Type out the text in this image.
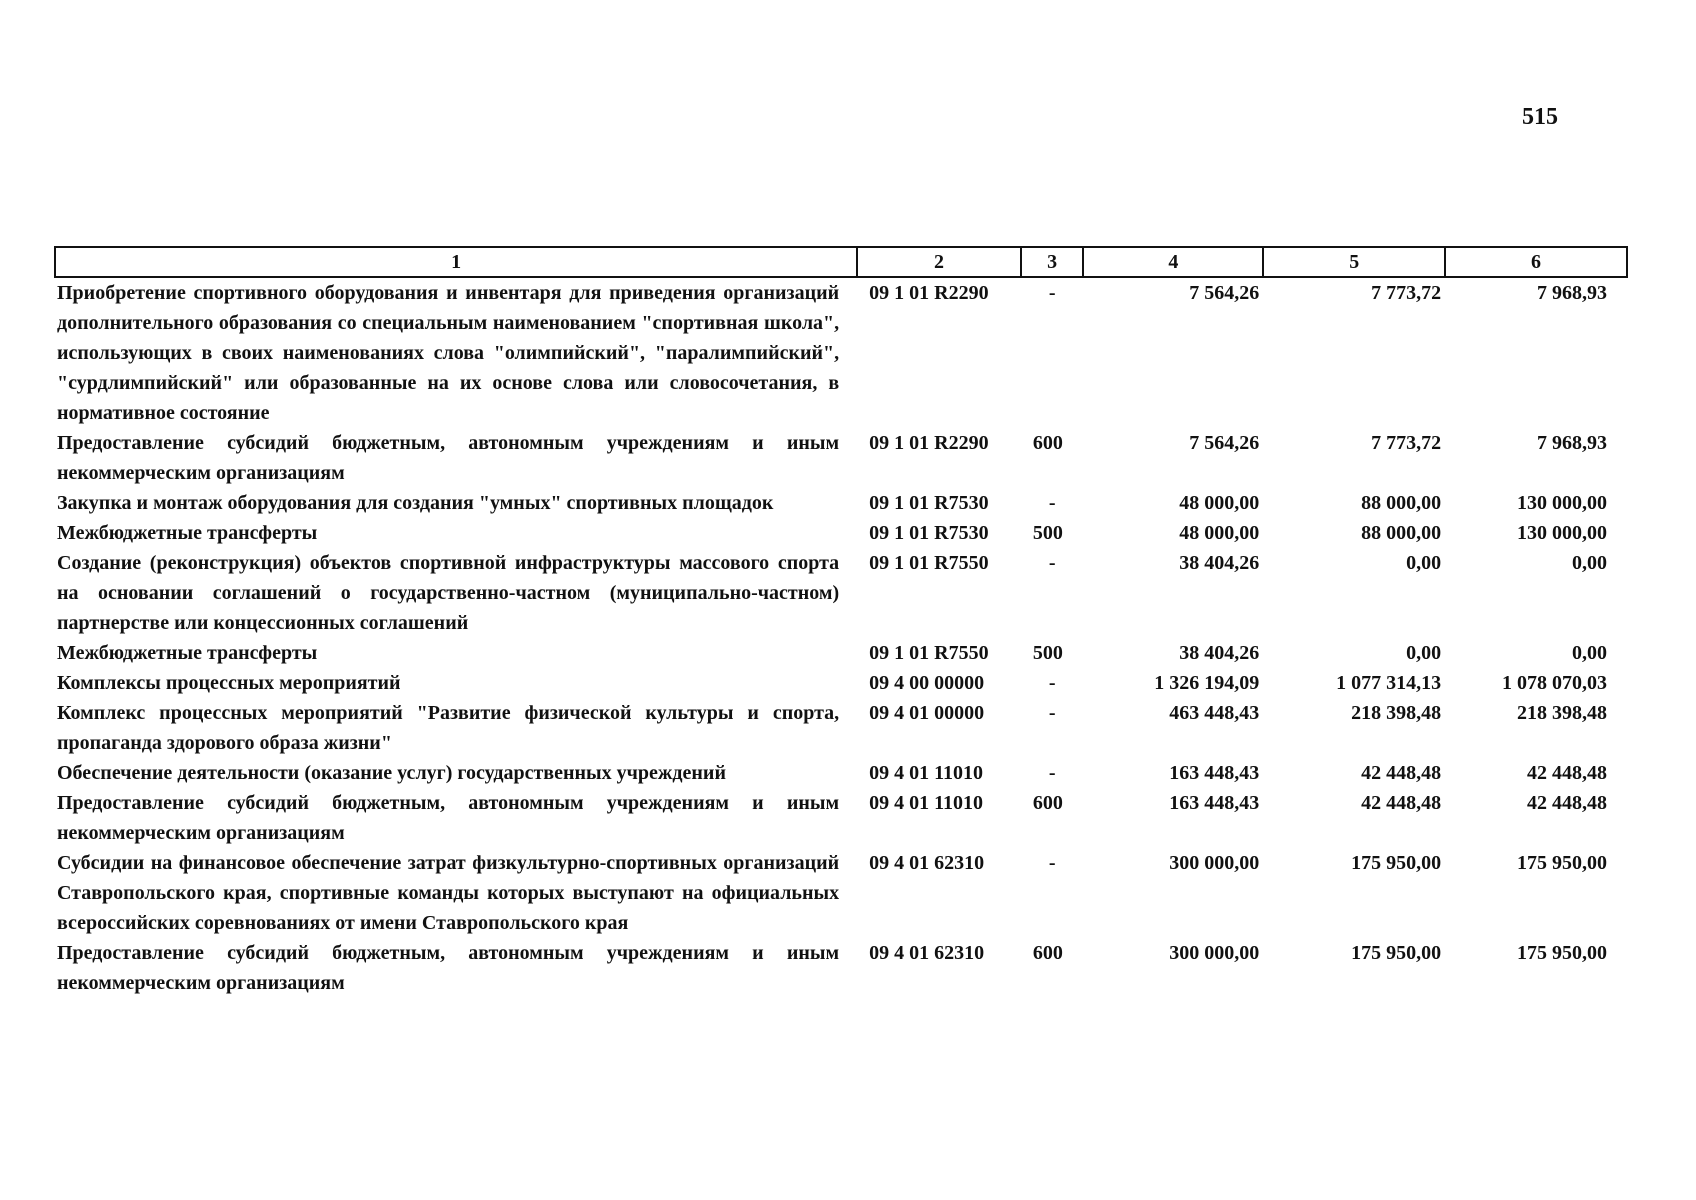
515
1	2	3	4	5	6
Приобретение спортивного оборудования и инвентаря для приведения организаций дополнительного образования со специальным наименованием "спортивная школа", использующих в своих наименованиях слова "олимпийский", "паралимпийский", "сурдлимпийский" или образованные на их основе слова или словосочетания, в нормативное состояние	09 1 01 R2290	-	7 564,26	7 773,72	7 968,93
Предоставление субсидий бюджетным, автономным учреждениям и иным некоммерческим организациям	09 1 01 R2290	600	7 564,26	7 773,72	7 968,93
Закупка и монтаж оборудования для создания "умных" спортивных площадок	09 1 01 R7530	-	48 000,00	88 000,00	130 000,00
Межбюджетные трансферты	09 1 01 R7530	500	48 000,00	88 000,00	130 000,00
Создание (реконструкция) объектов спортивной инфраструктуры массового спорта на основании соглашений о государственно-частном (муниципально-частном) партнерстве или концессионных соглашений	09 1 01 R7550	-	38 404,26	0,00	0,00
Межбюджетные трансферты	09 1 01 R7550	500	38 404,26	0,00	0,00
Комплексы процессных мероприятий	09 4 00 00000	-	1 326 194,09	1 077 314,13	1 078 070,03
Комплекс процессных мероприятий "Развитие физической культуры и спорта, пропаганда здорового образа жизни"	09 4 01 00000	-	463 448,43	218 398,48	218 398,48
Обеспечение деятельности (оказание услуг) государственных учреждений	09 4 01 11010	-	163 448,43	42 448,48	42 448,48
Предоставление субсидий бюджетным, автономным учреждениям и иным некоммерческим организациям	09 4 01 11010	600	163 448,43	42 448,48	42 448,48
Субсидии на финансовое обеспечение затрат физкультурно-спортивных организаций Ставропольского края, спортивные команды которых выступают на официальных всероссийских соревнованиях от имени Ставропольского края	09 4 01 62310	-	300 000,00	175 950,00	175 950,00
Предоставление субсидий бюджетным, автономным учреждениям и иным некоммерческим организациям	09 4 01 62310	600	300 000,00	175 950,00	175 950,00
